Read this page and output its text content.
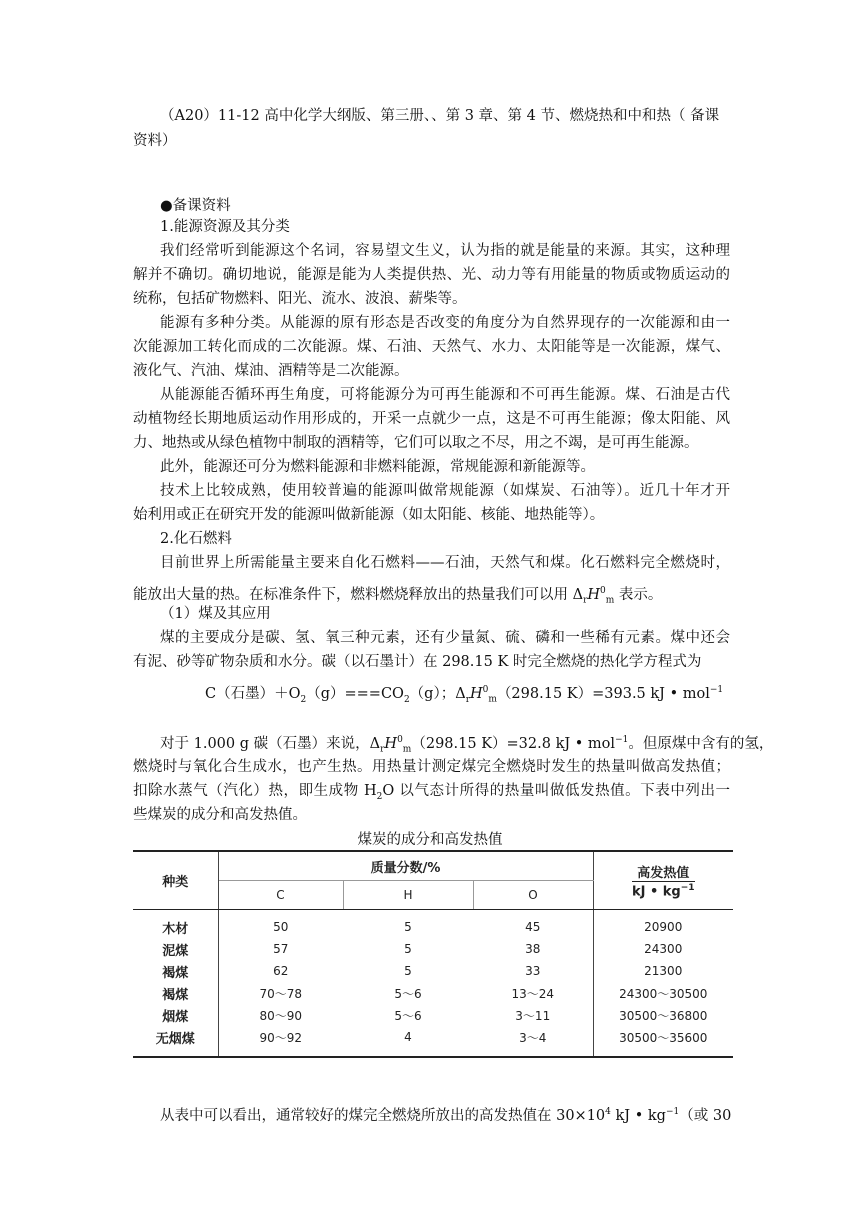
（A20）11-12 高中化学大纲版、第三册、、第 3 章、第 4 节、燃烧热和中和热（ 备课
资料）
●备课资料
1.能源资源及其分类
我们经常听到能源这个名词，容易望文生义，认为指的就是能量的来源。其实，这种理
解并不确切。确切地说，能源是能为人类提供热、光、动力等有用能量的物质或物质运动的
统称，包括矿物燃料、阳光、流水、波浪、薪柴等。
能源有多种分类。从能源的原有形态是否改变的角度分为自然界现存的一次能源和由一
次能源加工转化而成的二次能源。煤、石油、天然气、水力、太阳能等是一次能源，煤气、
液化气、汽油、煤油、酒精等是二次能源。
从能源能否循环再生角度，可将能源分为可再生能源和不可再生能源。煤、石油是古代
动植物经长期地质运动作用形成的，开采一点就少一点，这是不可再生能源；像太阳能、风
力、地热或从绿色植物中制取的酒精等，它们可以取之不尽，用之不竭，是可再生能源。
此外，能源还可分为燃料能源和非燃料能源，常规能源和新能源等。
技术上比较成熟，使用较普遍的能源叫做常规能源（如煤炭、石油等）。近几十年才开
始利用或正在研究开发的能源叫做新能源（如太阳能、核能、地热能等）。
2.化石燃料
目前世界上所需能量主要来自化石燃料——石油，天然气和煤。化石燃料完全燃烧时，
能放出大量的热。在标准条件下，燃料燃烧释放出的热量我们可以用 $\Delta_rH^0_m$ 表示。
（1）煤及其应用
煤的主要成分是碳、氢、氧三种元素，还有少量氮、硫、磷和一些稀有元素。煤中还会
有泥、砂等矿物杂质和水分。碳（以石墨计）在 298.15 K 时完全燃烧的热化学方程式为
C（石墨）$+O_2(g)===CO_2(g)$；$\Delta_rH^0_m(298.15$ K）=393.5 kJ • mol$^{-1}$
对于 1.000 g 碳（石墨）来说，$\Delta_rH^0_m(298.15$ K）=32.8 kJ • mol$^{-1}$。但原煤中含有的氢，
燃烧时与氧化合生成水，也产生热。用热量计测定煤完全燃烧时发生的热量叫做高发热值；
扣除水蒸气（汽化）热，即生成物 $H_2O$ 以气态计所得的热量叫做低发热值。下表中列出一
些煤炭的成分和高发热值。
煤炭的成分和高发热值
种类	质量分数/%			高发热值
kJ • $kg^{-1}$
	C	H	O	
木材	50	5	45	20900
泥煤	57	5	38	24300
褐煤	62	5	33	21300
褐煤	70～78	5～6	13～24	24300～30500
烟煤	80～90	5～6	3～11	30500～36800
无烟煤	90～92	4	3～4	30500～35600
从表中可以看出，通常较好的煤完全燃烧所放出的高发热值在 $30\times 10^4$ kJ • $kg^{-1}$（或 30
